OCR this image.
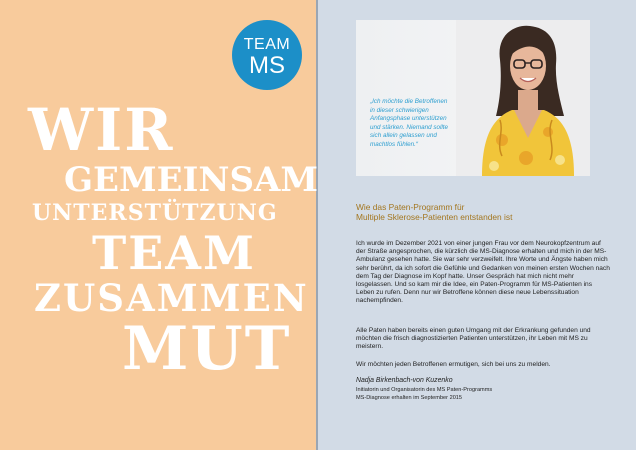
TEAM
MS
WIR
GEMEINSAM
UNTERSTÜTZUNG
TEAM
ZUSAMMEN
MUT

„Ich möchte die Betroffenen in dieser schwierigen Anfangsphase unterstützen und stärken. Niemand sollte sich allein gelassen und machtlos fühlen.“

Wie das Paten-Programm für
Multiple Sklerose-Patienten entstanden ist

Ich wurde im Dezember 2021 von einer jungen Frau vor dem Neurokopfzentrum auf der Straße angesprochen, die kürzlich die MS-Diagnose erhalten und mich in der MS-Ambulanz gesehen hatte. Sie war sehr verzweifelt. Ihre Worte und Ängste haben mich sehr berührt, da ich sofort die Gefühle und Gedanken von meinen ersten Wochen nach dem Tag der Diagnose im Kopf hatte. Unser Gespräch hat mich nicht mehr losgelassen. Und so kam mir die Idee, ein Paten-Programm für MS-Patienten ins Leben zu rufen. Denn nur wir Betroffene können diese neue Lebenssituation nachempfinden.

Alle Paten haben bereits einen guten Umgang mit der Erkrankung gefunden und möchten die frisch diagnostizierten Patienten unterstützen, ihr Leben mit MS zu meistern.

Wir möchten jeden Betroffenen ermutigen, sich bei uns zu melden.

Nadja Birkenbach-von Kuzenko

Initiatorin und Organisatorin des MS Paten-Programms

MS-Diagnose erhalten im September 2015
